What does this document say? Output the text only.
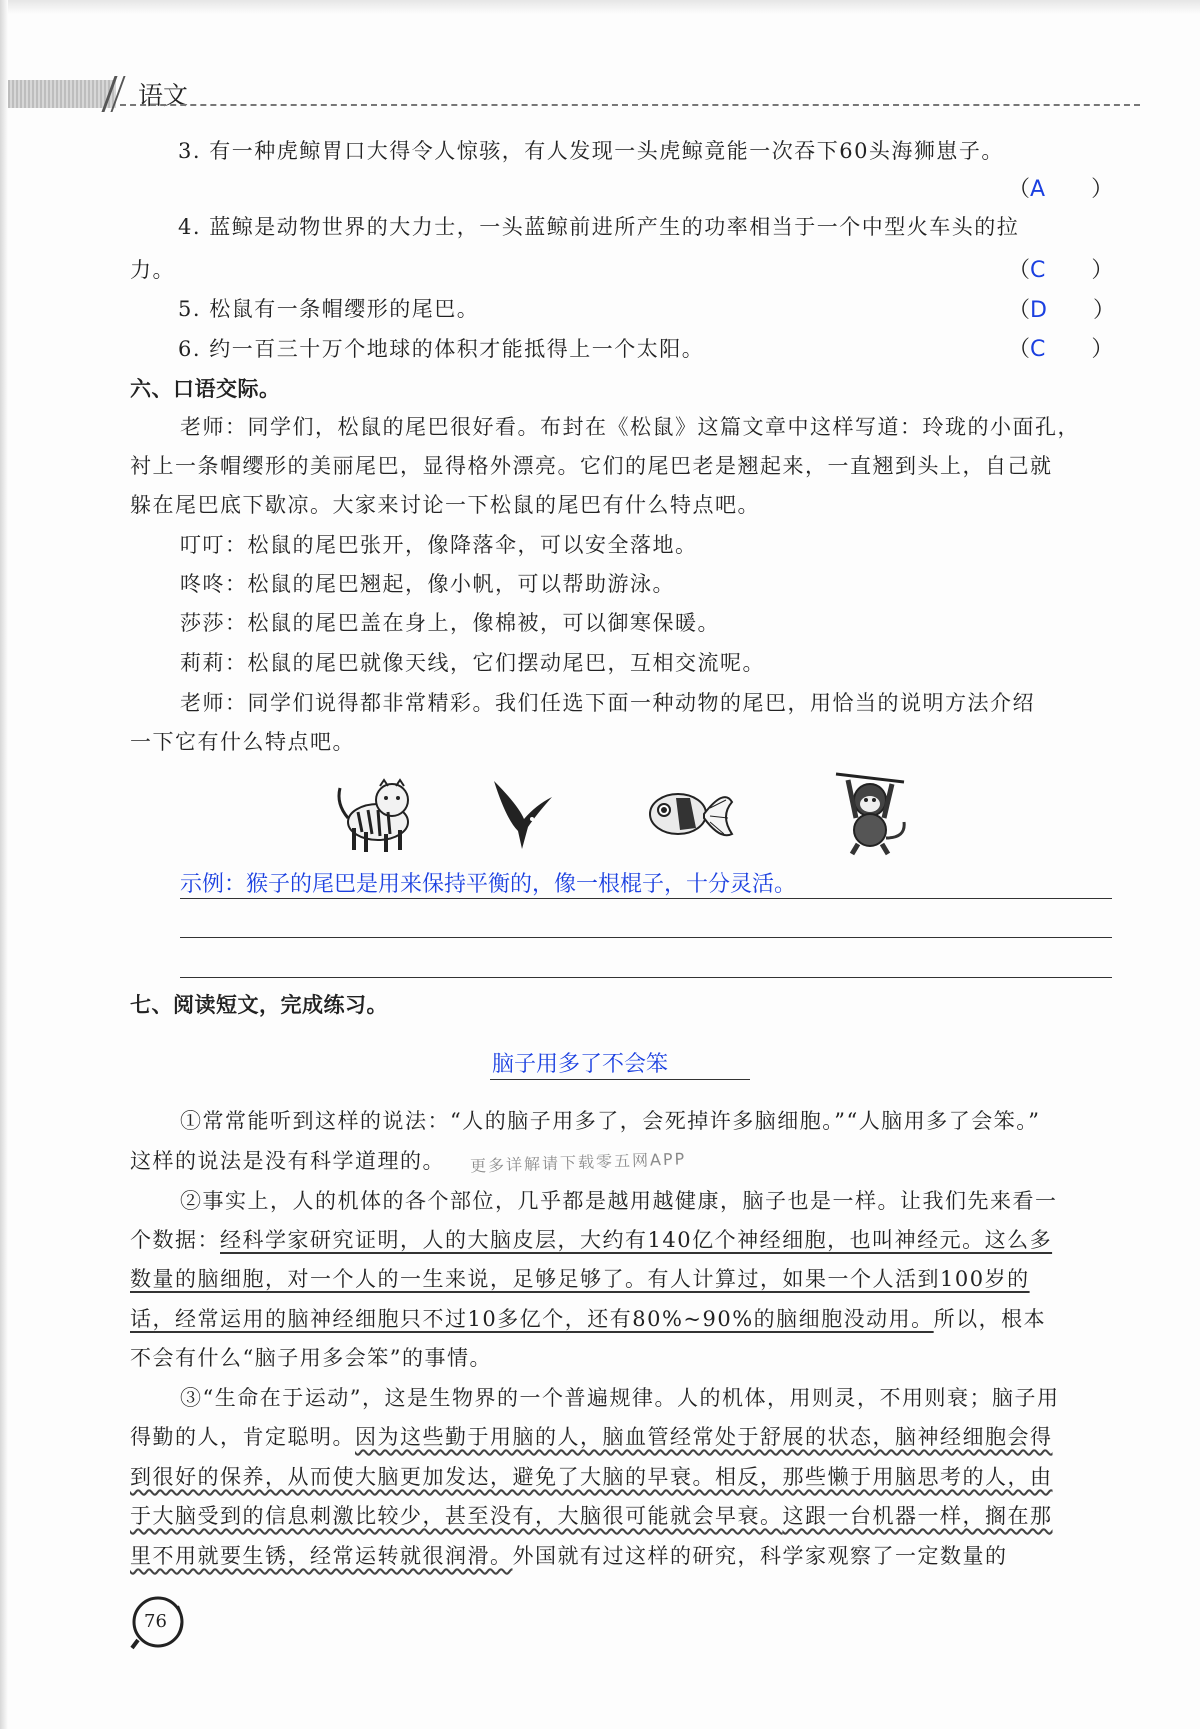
语文
3. 有一种虎鲸胃口大得令人惊骇，有人发现一头虎鲸竟能一次吞下60头海狮崽子。
（A ）
4. 蓝鲸是动物世界的大力士，一头蓝鲸前进所产生的功率相当于一个中型火车头的拉
力。	（C ）
5. 松鼠有一条帽缨形的尾巴。	（D ）
6. 约一百三十万个地球的体积才能抵得上一个太阳。	（C ）
六、口语交际。
老师：同学们，松鼠的尾巴很好看。布封在《松鼠》这篇文章中这样写道：玲珑的小面孔，
衬上一条帽缨形的美丽尾巴，显得格外漂亮。它们的尾巴老是翘起来，一直翘到头上，自己就
躲在尾巴底下歇凉。大家来讨论一下松鼠的尾巴有什么特点吧。
叮叮：松鼠的尾巴张开，像降落伞，可以安全落地。
咚咚：松鼠的尾巴翘起，像小帆，可以帮助游泳。
莎莎：松鼠的尾巴盖在身上，像棉被，可以御寒保暖。
莉莉：松鼠的尾巴就像天线，它们摆动尾巴，互相交流呢。
老师：同学们说得都非常精彩。我们任选下面一种动物的尾巴，用恰当的说明方法介绍
一下它有什么特点吧。
示例：猴子的尾巴是用来保持平衡的，像一根棍子，十分灵活。
七、阅读短文，完成练习。
脑子用多了不会笨
①常常能听到这样的说法：“人的脑子用多了，会死掉许多脑细胞。”“人脑用多了会笨。”
这样的说法是没有科学道理的。 更多详解请下载零五网APP
②事实上，人的机体的各个部位，几乎都是越用越健康，脑子也是一样。让我们先来看一
个数据：经科学家研究证明，人的大脑皮层，大约有140亿个神经细胞，也叫神经元。这么多
数量的脑细胞，对一个人的一生来说，足够足够了。有人计算过，如果一个人活到100岁的
话，经常运用的脑神经细胞只不过10多亿个，还有80%~90%的脑细胞没动用。所以，根本
不会有什么“脑子用多会笨”的事情。
③“生命在于运动”，这是生物界的一个普遍规律。人的机体，用则灵，不用则衰；脑子用
得勤的人，肯定聪明。因为这些勤于用脑的人，脑血管经常处于舒展的状态，脑神经细胞会得
到很好的保养，从而使大脑更加发达，避免了大脑的早衰。相反，那些懒于用脑思考的人，由
于大脑受到的信息刺激比较少，甚至没有，大脑很可能就会早衰。这跟一台机器一样，搁在那
里不用就要生锈，经常运转就很润滑。外国就有过这样的研究，科学家观察了一定数量的
76
